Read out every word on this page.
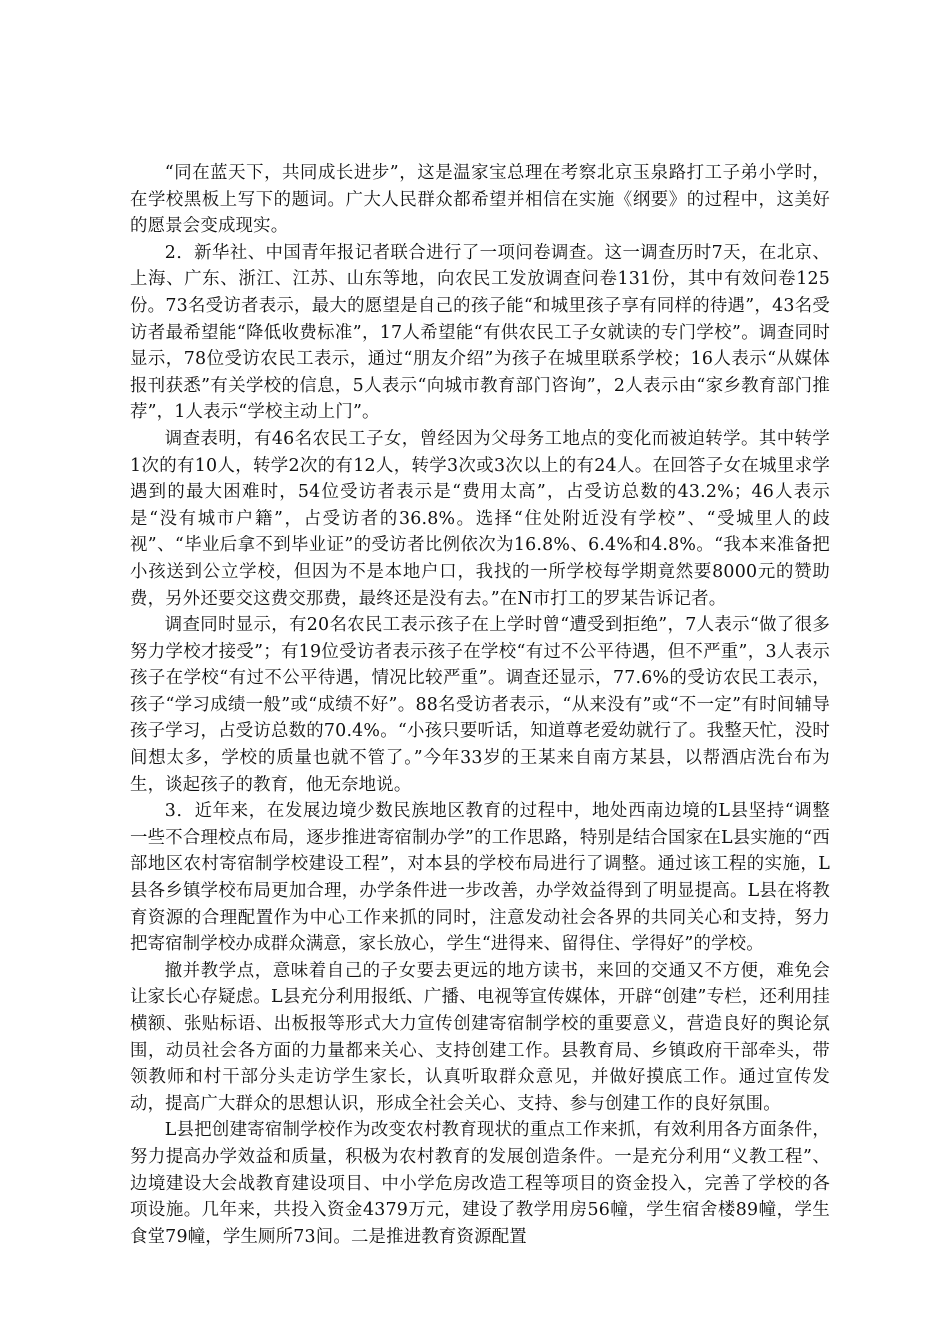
“同在蓝天下，共同成长进步”，这是温家宝总理在考察北京玉泉路打工子弟小学时，在学校黑板上写下的题词。广大人民群众都希望并相信在实施《纲要》的过程中，这美好的愿景会变成现实。

2．新华社、中国青年报记者联合进行了一项问卷调查。这一调查历时7天，在北京、上海、广东、浙江、江苏、山东等地，向农民工发放调查问卷131份，其中有效问卷125份。73名受访者表示，最大的愿望是自己的孩子能“和城里孩子享有同样的待遇”，43名受访者最希望能“降低收费标准”，17人希望能“有供农民工子女就读的专门学校”。调查同时显示，78位受访农民工表示，通过“朋友介绍”为孩子在城里联系学校；16人表示“从媒体报刊获悉”有关学校的信息，5人表示“向城市教育部门咨询”，2人表示由“家乡教育部门推荐”，1人表示“学校主动上门”。

调查表明，有46名农民工子女，曾经因为父母务工地点的变化而被迫转学。其中转学1次的有10人，转学2次的有12人，转学3次或3次以上的有24人。在回答子女在城里求学遇到的最大困难时，54位受访者表示是“费用太高”，占受访总数的43.2%；46人表示是“没有城市户籍”，占受访者的36.8%。选择“住处附近没有学校”、“受城里人的歧视”、“毕业后拿不到毕业证”的受访者比例依次为16.8%、6.4%和4.8%。“我本来准备把小孩送到公立学校，但因为不是本地户口，我找的一所学校每学期竟然要8000元的赞助费，另外还要交这费交那费，最终还是没有去。”在N市打工的罗某告诉记者。

调查同时显示，有20名农民工表示孩子在上学时曾“遭受到拒绝”，7人表示“做了很多努力学校才接受”；有19位受访者表示孩子在学校“有过不公平待遇，但不严重”，3人表示孩子在学校“有过不公平待遇，情况比较严重”。调查还显示，77.6%的受访农民工表示，孩子“学习成绩一般”或“成绩不好”。88名受访者表示，“从来没有”或“不一定”有时间辅导孩子学习，占受访总数的70.4%。“小孩只要听话，知道尊老爱幼就行了。我整天忙，没时间想太多，学校的质量也就不管了。”今年33岁的王某来自南方某县，以帮酒店洗台布为生，谈起孩子的教育，他无奈地说。

3．近年来，在发展边境少数民族地区教育的过程中，地处西南边境的L县坚持“调整一些不合理校点布局，逐步推进寄宿制办学”的工作思路，特别是结合国家在L县实施的“西部地区农村寄宿制学校建设工程”，对本县的学校布局进行了调整。通过该工程的实施，L县各乡镇学校布局更加合理，办学条件进一步改善，办学效益得到了明显提高。L县在将教育资源的合理配置作为中心工作来抓的同时，注意发动社会各界的共同关心和支持，努力把寄宿制学校办成群众满意，家长放心，学生“进得来、留得住、学得好”的学校。

撤并教学点，意味着自己的子女要去更远的地方读书，来回的交通又不方便，难免会让家长心存疑虑。L县充分利用报纸、广播、电视等宣传媒体，开辟“创建”专栏，还利用挂横额、张贴标语、出板报等形式大力宣传创建寄宿制学校的重要意义，营造良好的舆论氛围，动员社会各方面的力量都来关心、支持创建工作。县教育局、乡镇政府干部牵头，带领教师和村干部分头走访学生家长，认真听取群众意见，并做好摸底工作。通过宣传发动，提高广大群众的思想认识，形成全社会关心、支持、参与创建工作的良好氛围。

L县把创建寄宿制学校作为改变农村教育现状的重点工作来抓，有效利用各方面条件，努力提高办学效益和质量，积极为农村教育的发展创造条件。一是充分利用“义教工程”、边境建设大会战教育建设项目、中小学危房改造工程等项目的资金投入，完善了学校的各项设施。几年来，共投入资金4379万元，建设了教学用房56幢，学生宿舍楼89幢，学生食堂79幢，学生厕所73间。二是推进教育资源配置
